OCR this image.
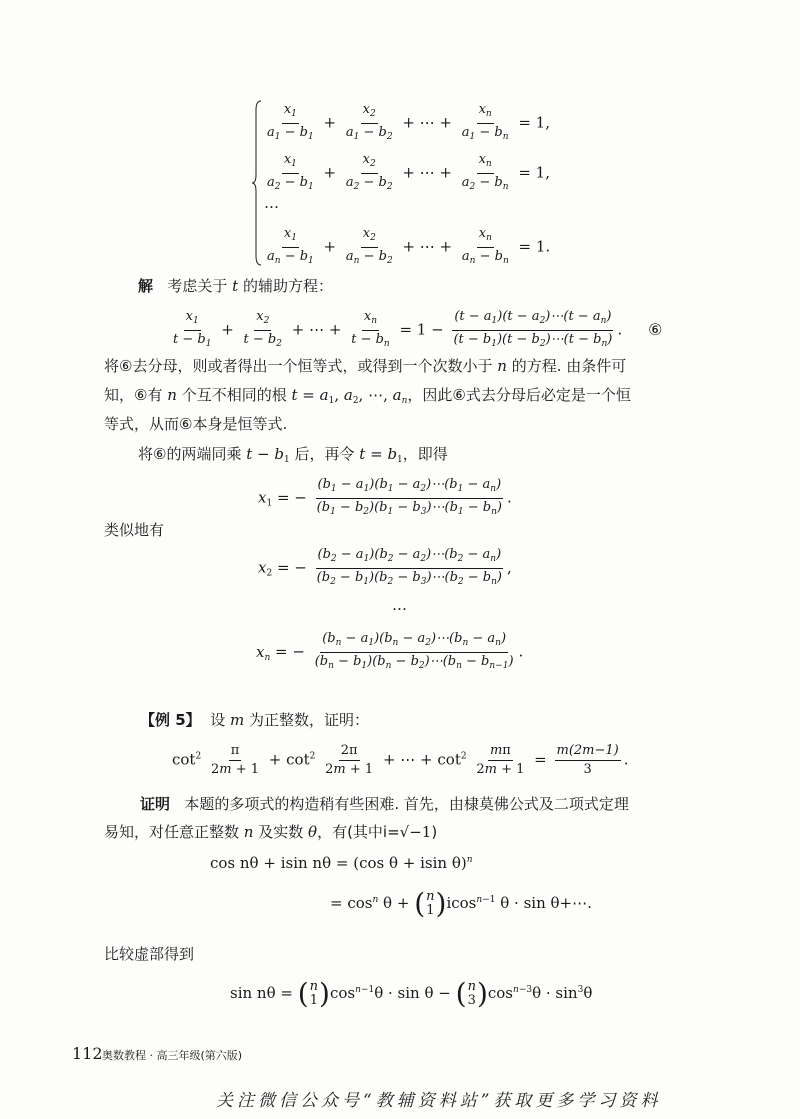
$\frac{x_1}{a_1 - b_1} + \frac{x_2}{a_1 - b_2}$ + ⋯ + $\frac{x_n}{a_1 - b_n} = 1$,
$\frac{x_1}{a_2 - b_1} + \frac{x_2}{a_2 - b_2}$ + ⋯ + $\frac{x_n}{a_2 - b_n} = 1$,
…
$\frac{x_1}{a_n - b_1} + \frac{x_2}{a_n - b_2}$ + ⋯ + $\frac{x_n}{a_n - b_n} = 1$.
解 考虑关于 t 的辅助方程：
$\frac{x_1}{t - b_1} + \frac{x_2}{t - b_2}$ + ⋯ + $\frac{x_n}{t - b_n} = 1 - \frac{(t - a_1)(t - a_2)\cdots(t - a_n)}{(t - b_1)(t - b_2)\cdots(t - b_n)}$ . ⑥
将⑥去分母，则或者得出一个恒等式，或得到一个次数小于 n 的方程. 由条件可
知，⑥有 n 个互不相同的根 $t = a_1$, $a_2$, ⋯, $a_n$，因此⑥式去分母后必定是一个恒
等式，从而⑥本身是恒等式.
将⑥的两端同乘 $t - b_1$ 后，再令 $t = b_1$，即得
$x_1$ = − $\frac{(b_1 - a_1)(b_1 - a_2)\cdots(b_1 - a_n)}{(b_1 - b_2)(b_1 - b_3)\cdots(b_1 - b_n)}$ .
类似地有
$x_2$ = − $\frac{(b_2 - a_1)(b_2 - a_2)\cdots(b_2 - a_n)}{(b_2 - b_1)(b_2 - b_3)\cdots(b_2 - b_n)}$ ,
…
$x_n$ = − $\frac{(b_n - a_1)(b_n - a_2)\cdots(b_n - a_n)}{(b_n - b_1)(b_n - b_2)\cdots(b_n - b_{n-1})}$ .
【例 5】 设 m 为正整数，证明：
$\cot^2 \frac{\pi}{2m + 1} + \cot^2 \frac{2\pi}{2m + 1}$ + ⋯ + $\cot^2 \frac{m\pi}{2m + 1} = \frac{m(2m-1)}{3}$ .
证明 本题的多项式的构造稍有些困难. 首先，由棣莫佛公式及二项式定理
易知，对任意正整数 n 及实数 θ，有(其中i=√−1)
cos nθ + isin nθ = (cos θ + isin θ)$^n$
= $\cos^n \theta$ + ( n
1 ) icos$^{n-1}$ θ · sin θ+⋯.
比较虚部得到
sin nθ = ( n
1 ) $\cos^{n-1}\theta \cdot \sin \theta$ − ( n
3 ) $\cos^{n-3}\theta \cdot \sin^3\theta$
112 奥数教程 · 高三年级(第六版)
关注微信公众号“教辅资料站”获取更多学习资料
